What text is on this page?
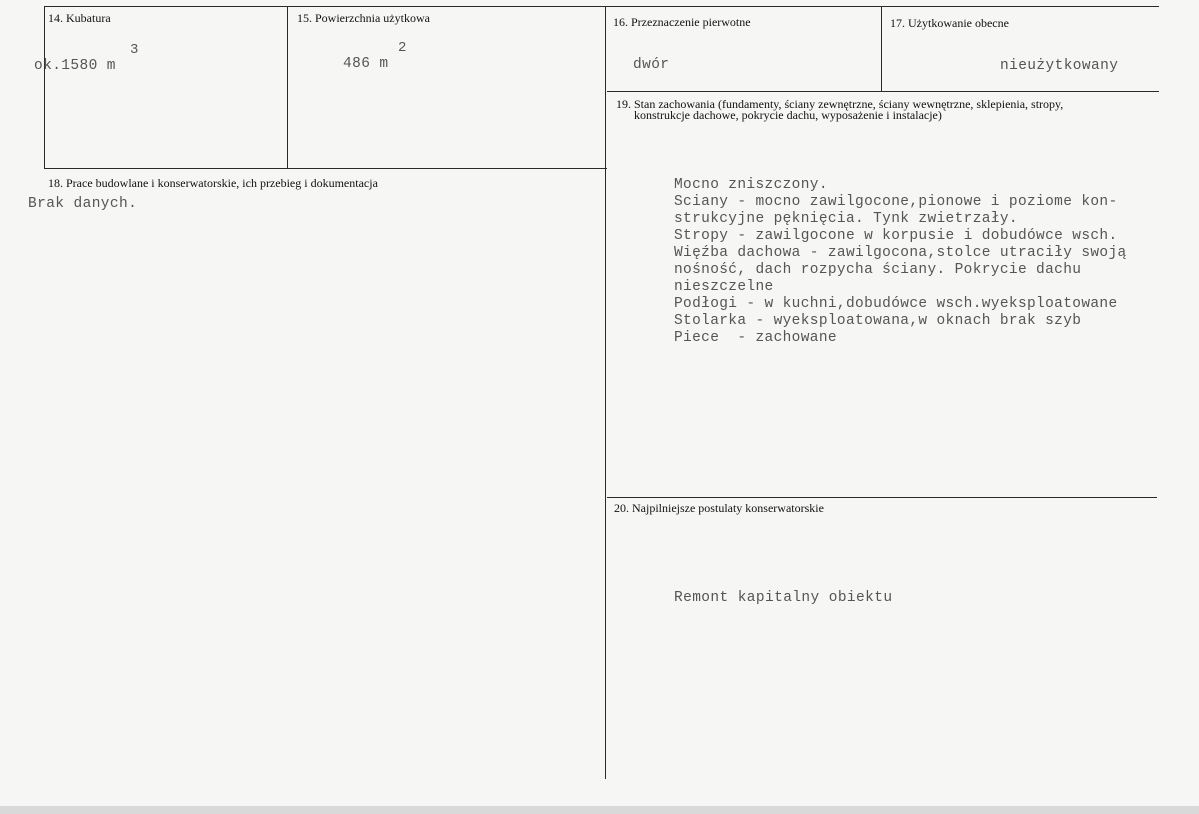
14. Kubatura
3
ok.1580 m
15. Powierzchnia użytkowa
2
486 m
16. Przeznaczenie pierwotne
dwór
17. Użytkowanie obecne
nieużytkowany
19. Stan zachowania (fundamenty, ściany zewnętrzne, ściany wewnętrzne, sklepienia, stropy,
konstrukcje dachowe, pokrycie dachu, wyposażenie i instalacje)
Mocno zniszczony.
Sciany - mocno zawilgocone,pionowe i poziome kon-
strukcyjne pęknięcia. Tynk zwietrzały.
Stropy - zawilgocone w korpusie i dobudówce wsch.
Więźba dachowa - zawilgocona,stolce utraciły swoją
nośność, dach rozpycha ściany. Pokrycie dachu
nieszczelne
Podłogi - w kuchni,dobudówce wsch.wyeksploatowane
Stolarka - wyeksploatowana,w oknach brak szyb
Piece  - zachowane
18. Prace budowlane i konserwatorskie, ich przebieg i dokumentacja
Brak danych.
20. Najpilniejsze postulaty konserwatorskie
Remont kapitalny obiektu
